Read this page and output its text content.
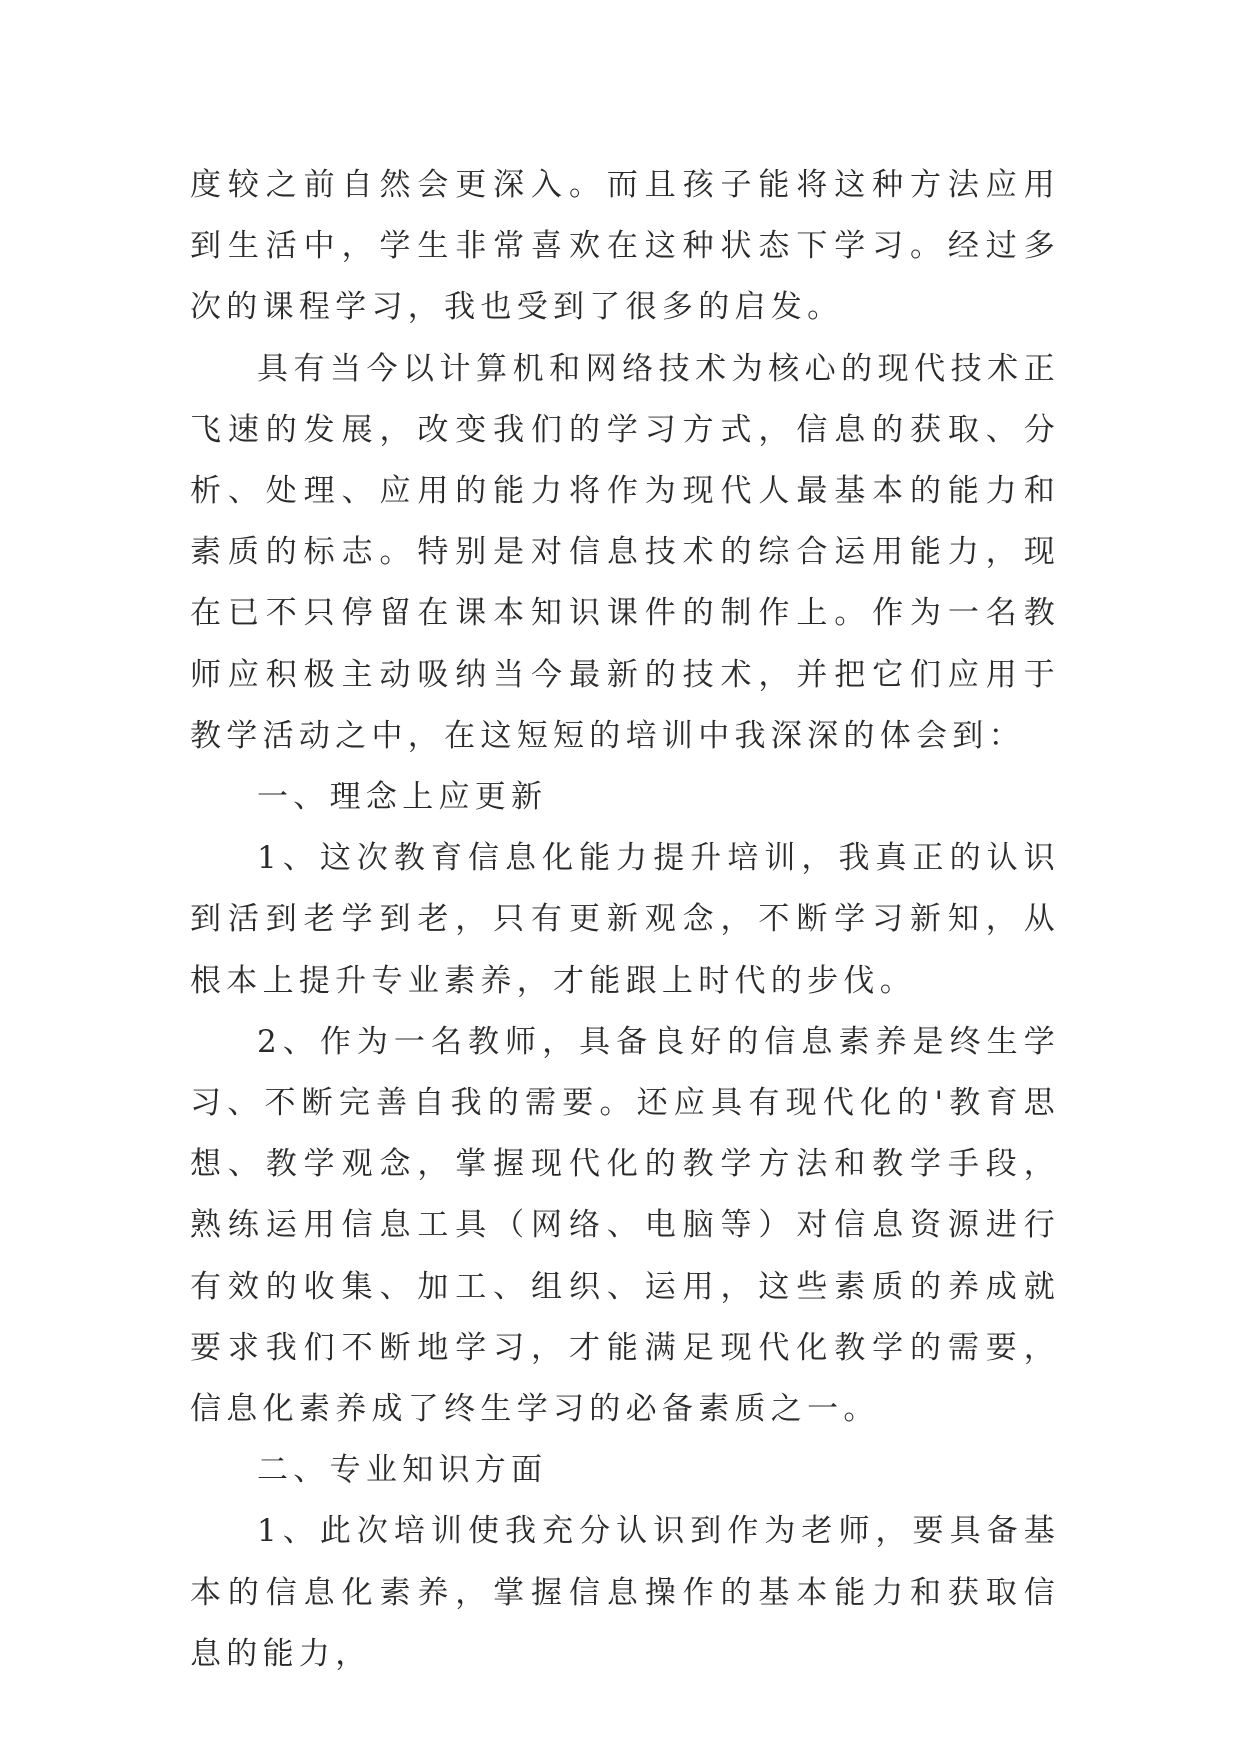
度较之前自然会更深入。而且孩子能将这种方法应用到生活中，学生非常喜欢在这种状态下学习。经过多次的课程学习，我也受到了很多的启发。

具有当今以计算机和网络技术为核心的现代技术正飞速的发展，改变我们的学习方式，信息的获取、分析、处理、应用的能力将作为现代人最基本的能力和素质的标志。特别是对信息技术的综合运用能力，现在已不只停留在课本知识课件的制作上。作为一名教师应积极主动吸纳当今最新的技术，并把它们应用于教学活动之中，在这短短的培训中我深深的体会到：

一、理念上应更新

1、这次教育信息化能力提升培训，我真正的认识到活到老学到老，只有更新观念，不断学习新知，从根本上提升专业素养，才能跟上时代的步伐。

2、作为一名教师，具备良好的信息素养是终生学习、不断完善自我的需要。还应具有现代化的'教育思想、教学观念，掌握现代化的教学方法和教学手段，熟练运用信息工具（网络、电脑等）对信息资源进行有效的收集、加工、组织、运用，这些素质的养成就要求我们不断地学习，才能满足现代化教学的需要，信息化素养成了终生学习的必备素质之一。

二、专业知识方面

1、此次培训使我充分认识到作为老师，要具备基本的信息化素养，掌握信息操作的基本能力和获取信息的能力，
